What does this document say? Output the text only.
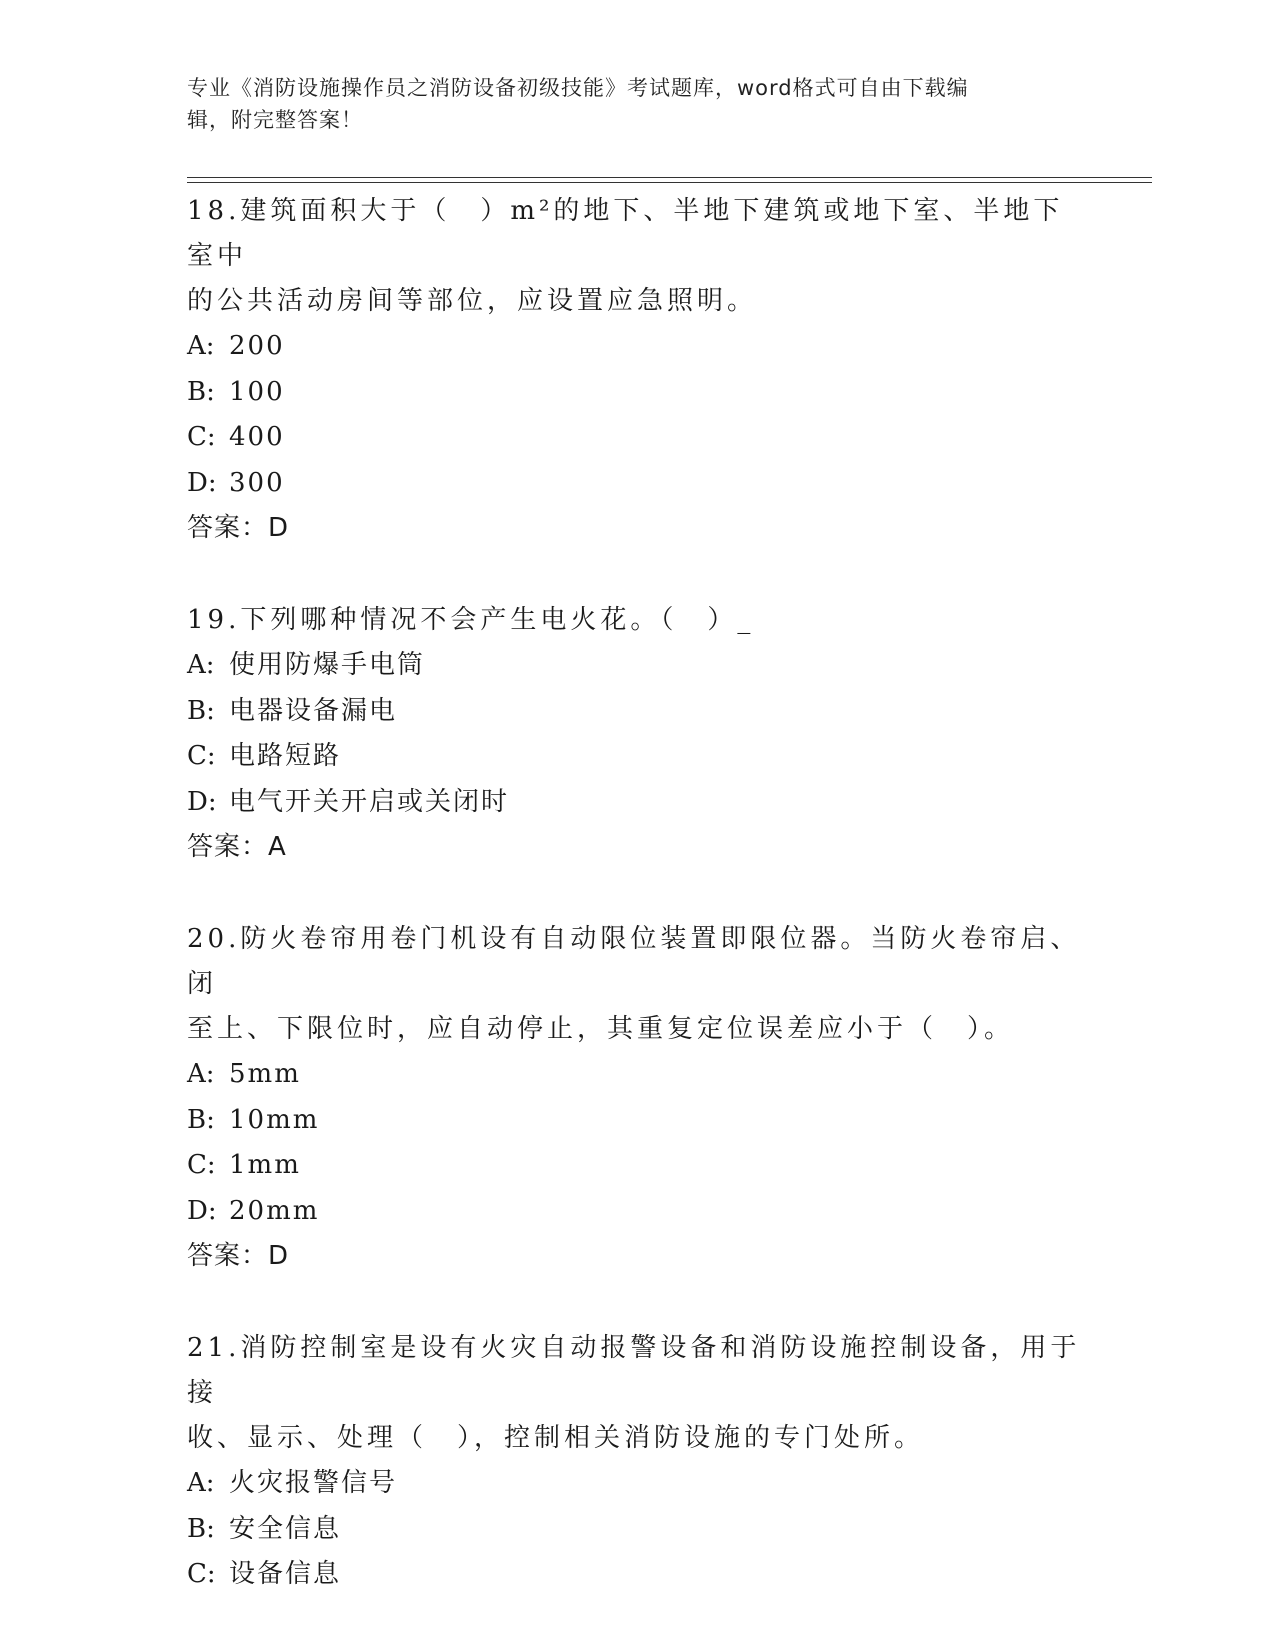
专业《消防设施操作员之消防设备初级技能》考试题库，word格式可自由下载编
辑，附完整答案！
18.建筑面积大于（　）m²的地下、半地下建筑或地下室、半地下室中
的公共活动房间等部位，应设置应急照明。
A: 200
B: 100
C: 400
D: 300
答案：D
19.下列哪种情况不会产生电火花。（　）_
A: 使用防爆手电筒
B: 电器设备漏电
C: 电路短路
D: 电气开关开启或关闭时
答案：A
20.防火卷帘用卷门机设有自动限位装置即限位器。当防火卷帘启、闭
至上、下限位时，应自动停止，其重复定位误差应小于（　）。
A: 5mm
B: 10mm
C: 1mm
D: 20mm
答案：D
21.消防控制室是设有火灾自动报警设备和消防设施控制设备，用于接
收、显示、处理（　），控制相关消防设施的专门处所。
A: 火灾报警信号
B: 安全信息
C: 设备信息
